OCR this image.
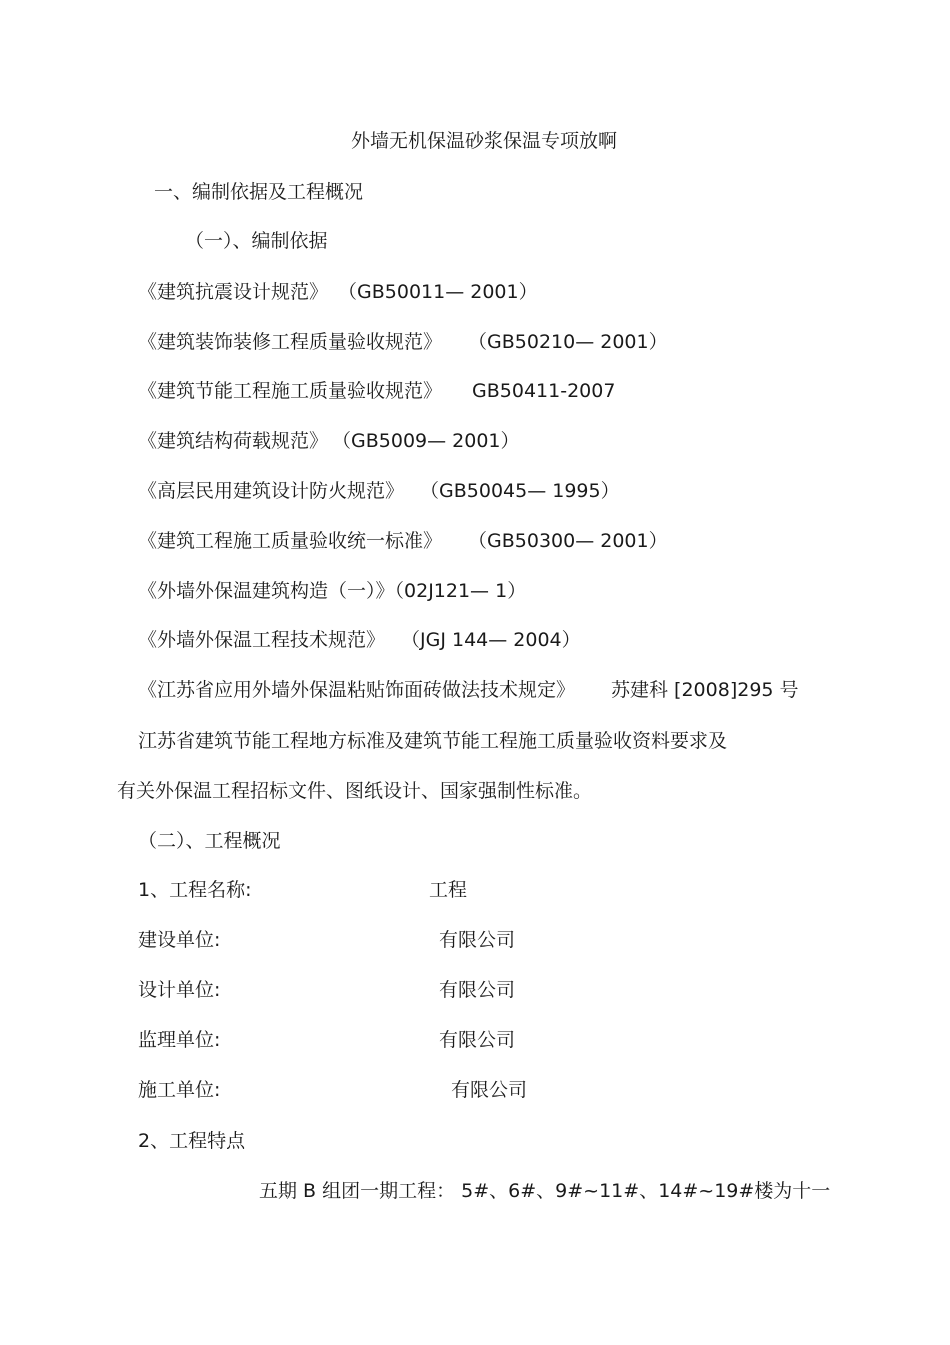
外墙无机保温砂浆保温专项放啊
一、编制依据及工程概况
（一）、编制依据
《建筑抗震设计规范》 （GB50011— 2001）
《建筑装饰装修工程质量验收规范》 （GB50210— 2001）
《建筑节能工程施工质量验收规范》 GB50411-2007
《建筑结构荷载规范》 （GB5009— 2001）
《高层民用建筑设计防火规范》 （GB50045— 1995）
《建筑工程施工质量验收统一标准》 （GB50300— 2001）
《外墙外保温建筑构造（一）》（02J121— 1）
《外墙外保温工程技术规范》 （JGJ 144— 2004）
《江苏省应用外墙外保温粘贴饰面砖做法技术规定》 苏建科 [2008]295 号
江苏省建筑节能工程地方标准及建筑节能工程施工质量验收资料要求及
有关外保温工程招标文件、图纸设计、国家强制性标准。
（二）、工程概况
1、工程名称:	工程
建设单位:	有限公司
设计单位:	有限公司
监理单位:	有限公司
施工单位:	有限公司
2、工程特点
五期 B 组团一期工程： 5#、6#、9#~11#、14#~19#楼为十一
